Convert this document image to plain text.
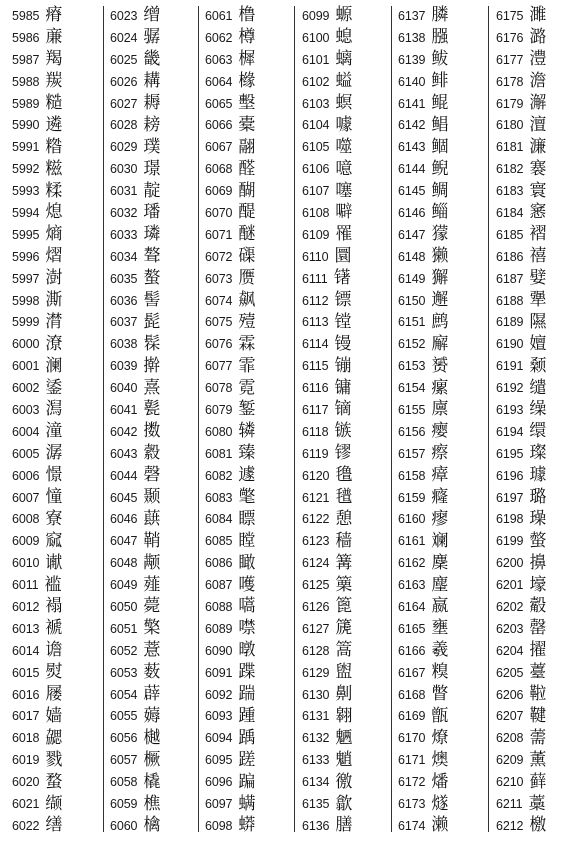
5985 瘠
5986 亷
5987 羯
5988 羰
5989 糙
5990 遴
5991 糌
5992 糍
5993 糅
5994 熄
5995 熵
5996 熠
5997 澍
5998 澌
5999 潸
6000 潦
6001 澜
6002 鋈
6003 澙
6004 潼
6005 潺
6006 憬
6007 憧
6008 寮
6009 窳
6010 谳
6011 褴
6012 褟
6013 褫
6014 谵
6015 熨
6016 屦
6017 嫱
6018 勰
6019 戮
6020 蝥
6021 缬
6022 缮
6023 缯
6024 骣
6025 畿
6026 耩
6027 耨
6028 耪
6029 璞
6030 璟
6031 靛
6032 璠
6033 璘
6034 聱
6035 螯
6036 髻
6037 髭
6038 髹
6039 擀
6040 熹
6041 甏
6042 擞
6043 縠
6044 磬
6045 颞
6046 蕻
6047 鞘
6048 颟
6049 薤
6050 薨
6051 檠
6052 薏
6053 薮
6054 薜
6055 薅
6056 樾
6057 橛
6058 橇
6059 樵
6060 檎
6061 橹
6062 樽
6063 樨
6064 橼
6065 墼
6066 橐
6067 翮
6068 醛
6069 醐
6070 醍
6071 醚
6072 磲
6073 赝
6074 飙
6075 殪
6076 霖
6077 霏
6078 霓
6079 錾
6080 辚
6081 臻
6082 遽
6083 氅
6084 瞟
6085 瞠
6086 瞰
6087 嚄
6088 嚆
6089 噤
6090 暾
6091 蹀
6092 踹
6093 踵
6094 踽
6095 蹉
6096 蹁
6097 螨
6098 蟒
6099 螈
6100 螅
6101 螭
6102 螠
6103 螟
6104 噱
6105 噬
6106 噫
6107 噻
6108 噼
6109 罹
6110 圜
6111 䦃
6112 镖
6113 镗
6114 镘
6115 镚
6116 镛
6117 镝
6118 镞
6119 镠
6120 氇
6121 氆
6122 憩
6123 穑
6124 篝
6125 篥
6126 篦
6127 篪
6128 篙
6129 盥
6130 劓
6131 翱
6132 魉
6133 魈
6134 徼
6135 歙
6136 膳
6137 膦
6138 膙
6139 鲅
6140 鲱
6141 鲲
6142 鲳
6143 鲴
6144 鲵
6145 鲷
6146 鲻
6147 獴
6148 獭
6149 獬
6150 邂
6151 鹧
6152 廨
6153 赟
6154 瘰
6155 廪
6156 瘿
6157 瘵
6158 瘴
6159 癃
6160 瘳
6161 斓
6162 麇
6163 麈
6164 嬴
6165 壅
6166 羲
6167 糗
6168 瞥
6169 甑
6170 燎
6171 燠
6172 燔
6173 燧
6174 濑
6175 濉
6176 潞
6177 澧
6178 澹
6179 澥
6180 澶
6181 濂
6182 褰
6183 寰
6184 窸
6185 褶
6186 禧
6187 嬖
6188 犟
6189 隰
6190 嬗
6191 颡
6192 缱
6193 缲
6194 缳
6195 璨
6196 璩
6197 璐
6198 璪
6199 螫
6200 擤
6201 壕
6202 觳
6203 罄
6204 擢
6205 薹
6206 鞡
6207 鞬
6208 薷
6209 薰
6210 藓
6211 藁
6212 檄
